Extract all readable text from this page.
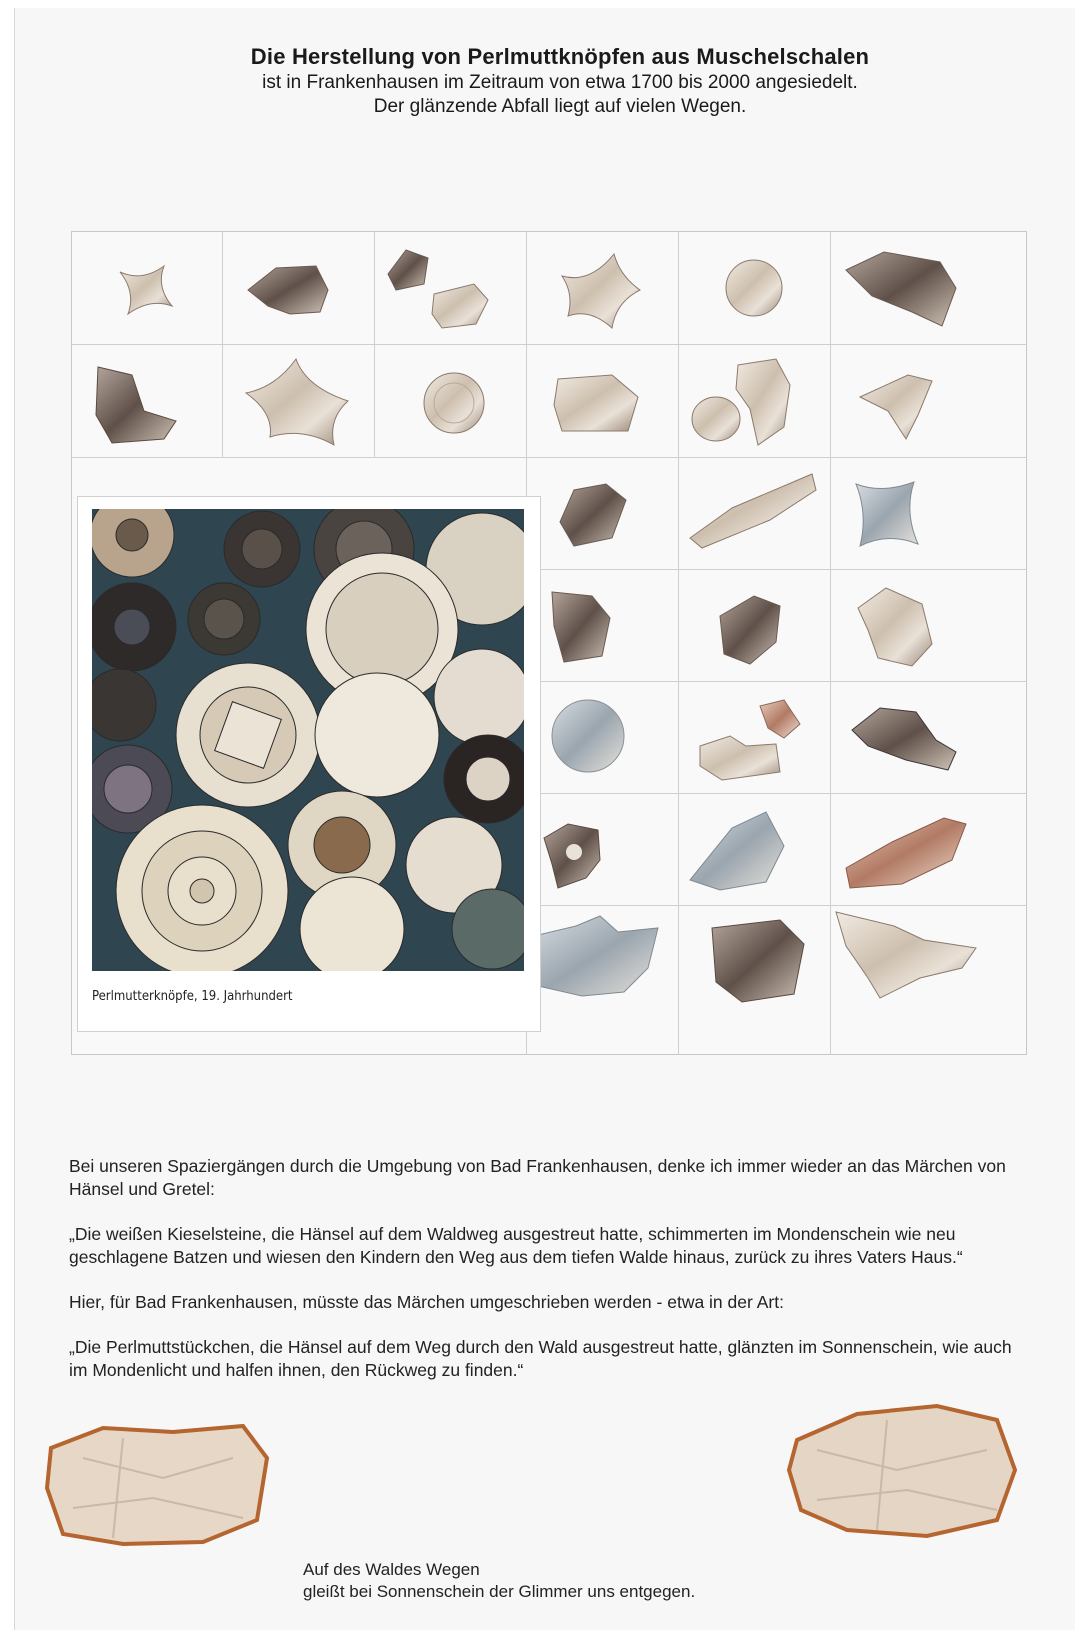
Die Herstellung von Perlmuttknöpfen aus Muschelschalen

ist in Frankenhausen im Zeitraum von etwa 1700 bis 2000 angesiedelt.

Der glänzende Abfall liegt auf vielen Wegen.

Perlmutterknöpfe, 19. Jahrhundert

Bei unseren Spaziergängen durch die Umgebung von Bad Frankenhausen, denke ich immer wieder an das Märchen von Hänsel und Gretel:

„Die weißen Kieselsteine, die Hänsel auf dem Waldweg ausgestreut hatte, schimmerten im Mondenschein wie neu geschlagene Batzen und wiesen den Kindern den Weg aus dem tiefen Walde hinaus, zurück zu ihres Vaters Haus.“

Hier, für Bad Frankenhausen, müsste das Märchen umgeschrieben werden - etwa in der Art:

„Die Perlmuttstückchen, die Hänsel auf dem Weg durch den Wald ausgestreut hatte, glänzten im Sonnenschein, wie auch im Mondenlicht und halfen ihnen, den Rückweg zu finden.“

Auf des Waldes Wegen
gleißt bei Sonnenschein der Glimmer uns entgegen.
